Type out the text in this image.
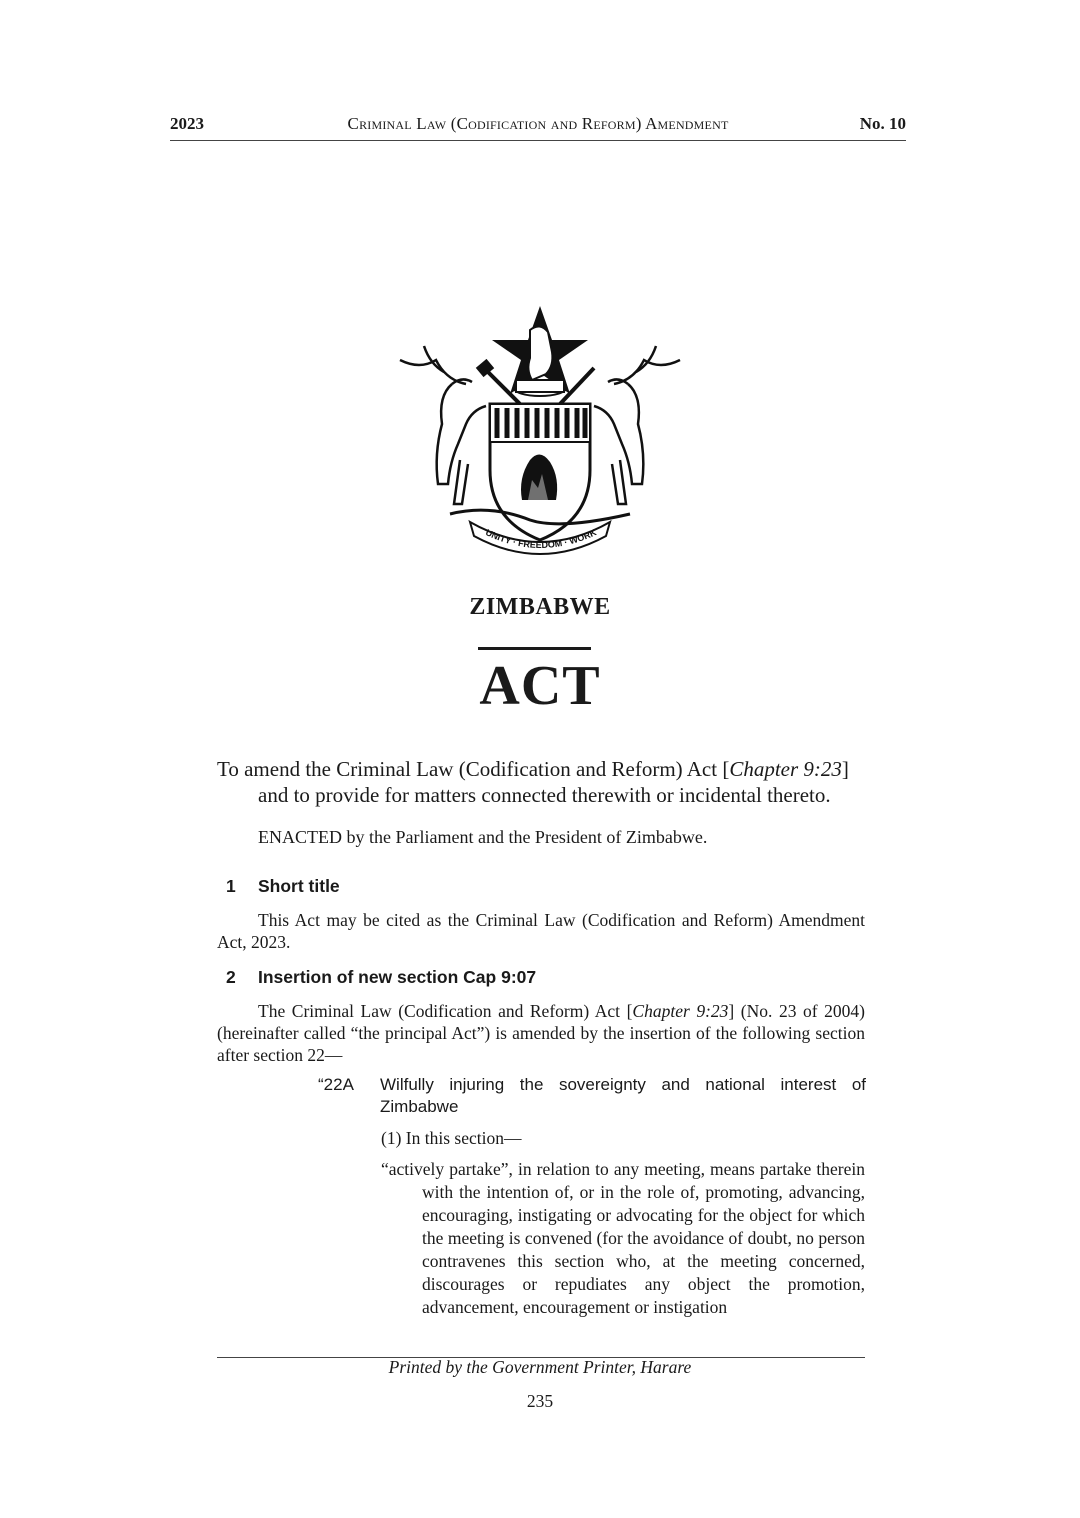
2023	Criminal Law (Codification and Reform) Amendment	No. 10
UNITY · FREEDOM · WORK
ZIMBABWE
ACT
To amend the Criminal Law (Codification and Reform) Act [Chapter 9:23]
and to provide for matters connected therewith or incidental thereto.
ENACTED by the Parliament and the President of Zimbabwe.
1 Short title
This Act may be cited as the Criminal Law (Codification and Reform) Amendment Act, 2023.
2 Insertion of new section Cap 9:07
The Criminal Law (Codification and Reform) Act [Chapter 9:23] (No. 23 of 2004) (hereinafter called “the principal Act”) is amended by the insertion of the following section after section 22—
“22A Wilfully injuring the sovereignty and national interest of Zimbabwe
(1) In this section—
“actively partake”, in relation to any meeting, means partake therein with the intention of, or in the role of, promoting, advancing, encouraging, instigating or advocating for the object for which the meeting is convened (for the avoidance of doubt, no person contravenes this section who, at the meeting concerned, discourages or repudiates any object the promotion, advancement, encouragement or instigation
Printed by the Government Printer, Harare
235
